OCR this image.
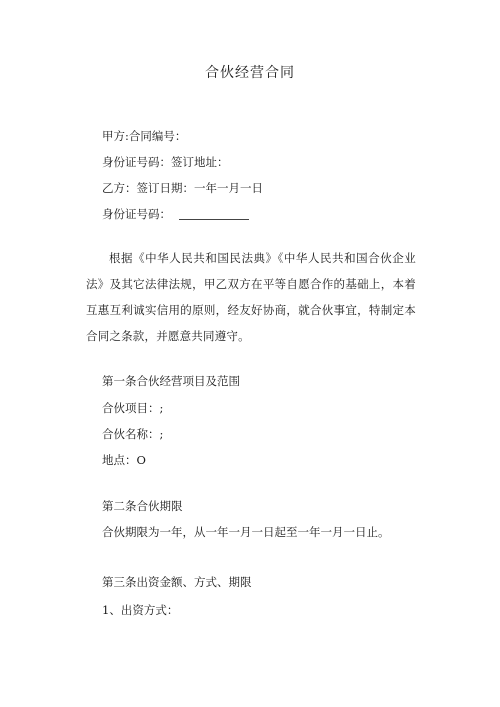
合伙经营合同
甲方:合同编号：
身份证号码：签订地址：
乙方：签订日期：一年一月一日
身份证号码：
根据《中华人民共和国民法典》《中华人民共和国合伙企业法》及其它法律法规，甲乙双方在平等自愿合作的基础上，本着互惠互利诚实信用的原则，经友好协商，就合伙事宜，特制定本合同之条款，并愿意共同遵守。
第一条合伙经营项目及范围
合伙项目：;
合伙名称：;
地点：O
第二条合伙期限
合伙期限为一年，从一年一月一日起至一年一月一日止。
第三条出资金额、方式、期限
1、出资方式：
